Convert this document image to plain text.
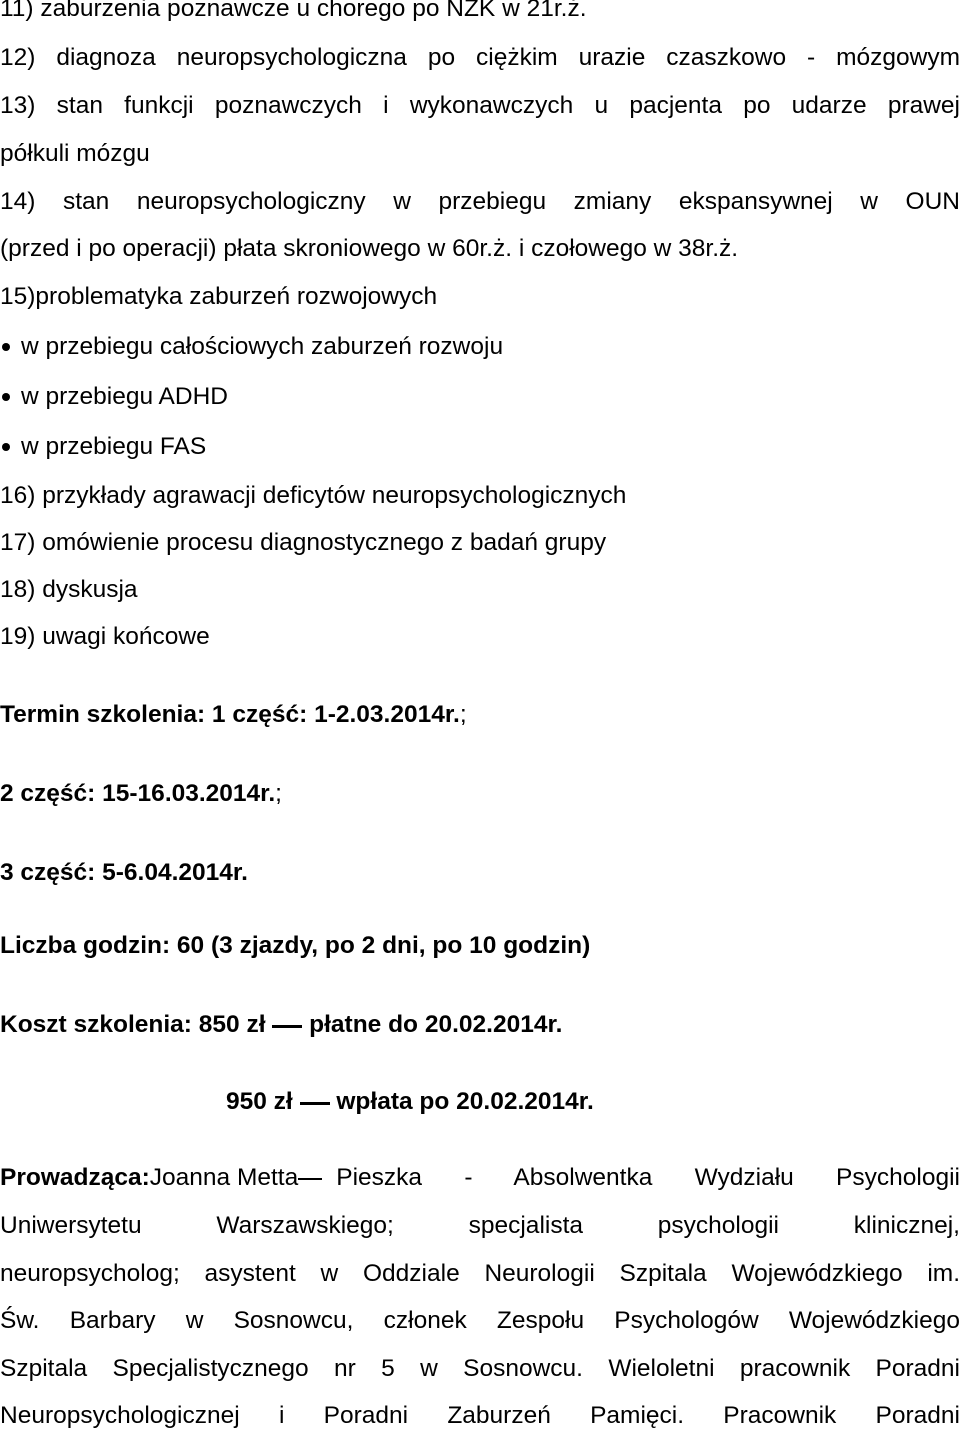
11) zaburzenia poznawcze u chorego po NZK w 21r.ż.

12) diagnoza neuropsychologiczna po ciężkim urazie czaszkowo - mózgowym

13) stan funkcji poznawczych i wykonawczych u pacjenta po udarze prawej

półkuli mózgu

14) stan neuropsychologiczny w przebiegu zmiany ekspansywnej w OUN

(przed i po operacji) płata skroniowego w 60r.ż. i czołowego w 38r.ż.

15)problematyka zaburzeń rozwojowych

w przebiegu całościowych zaburzeń rozwoju

w przebiegu ADHD

w przebiegu FAS

16) przykłady agrawacji deficytów neuropsychologicznych

17) omówienie procesu diagnostycznego z badań grupy

18) dyskusja

19) uwagi końcowe

Termin szkolenia: 1 część: 1-2.03.2014r.;

2 część: 15-16.03.2014r.;

3 część: 5-6.04.2014r.

Liczba godzin: 60 (3 zjazdy, po 2 dni, po 10 godzin)

Koszt szkolenia: 850 zł płatne do 20.02.2014r.

950 zł wpłata po 20.02.2014r.

Prowadząca: Joanna Metta Pieszka - Absolwentka Wydziału Psychologii

Uniwersytetu Warszawskiego; specjalista psychologii klinicznej,

neuropsycholog; asystent w Oddziale Neurologii Szpitala Wojewódzkiego im.

Św. Barbary w Sosnowcu, członek Zespołu Psychologów Wojewódzkiego

Szpitala Specjalistycznego nr 5 w Sosnowcu. Wieloletni pracownik Poradni

Neuropsychologicznej i Poradni Zaburzeń Pamięci. Pracownik Poradni
